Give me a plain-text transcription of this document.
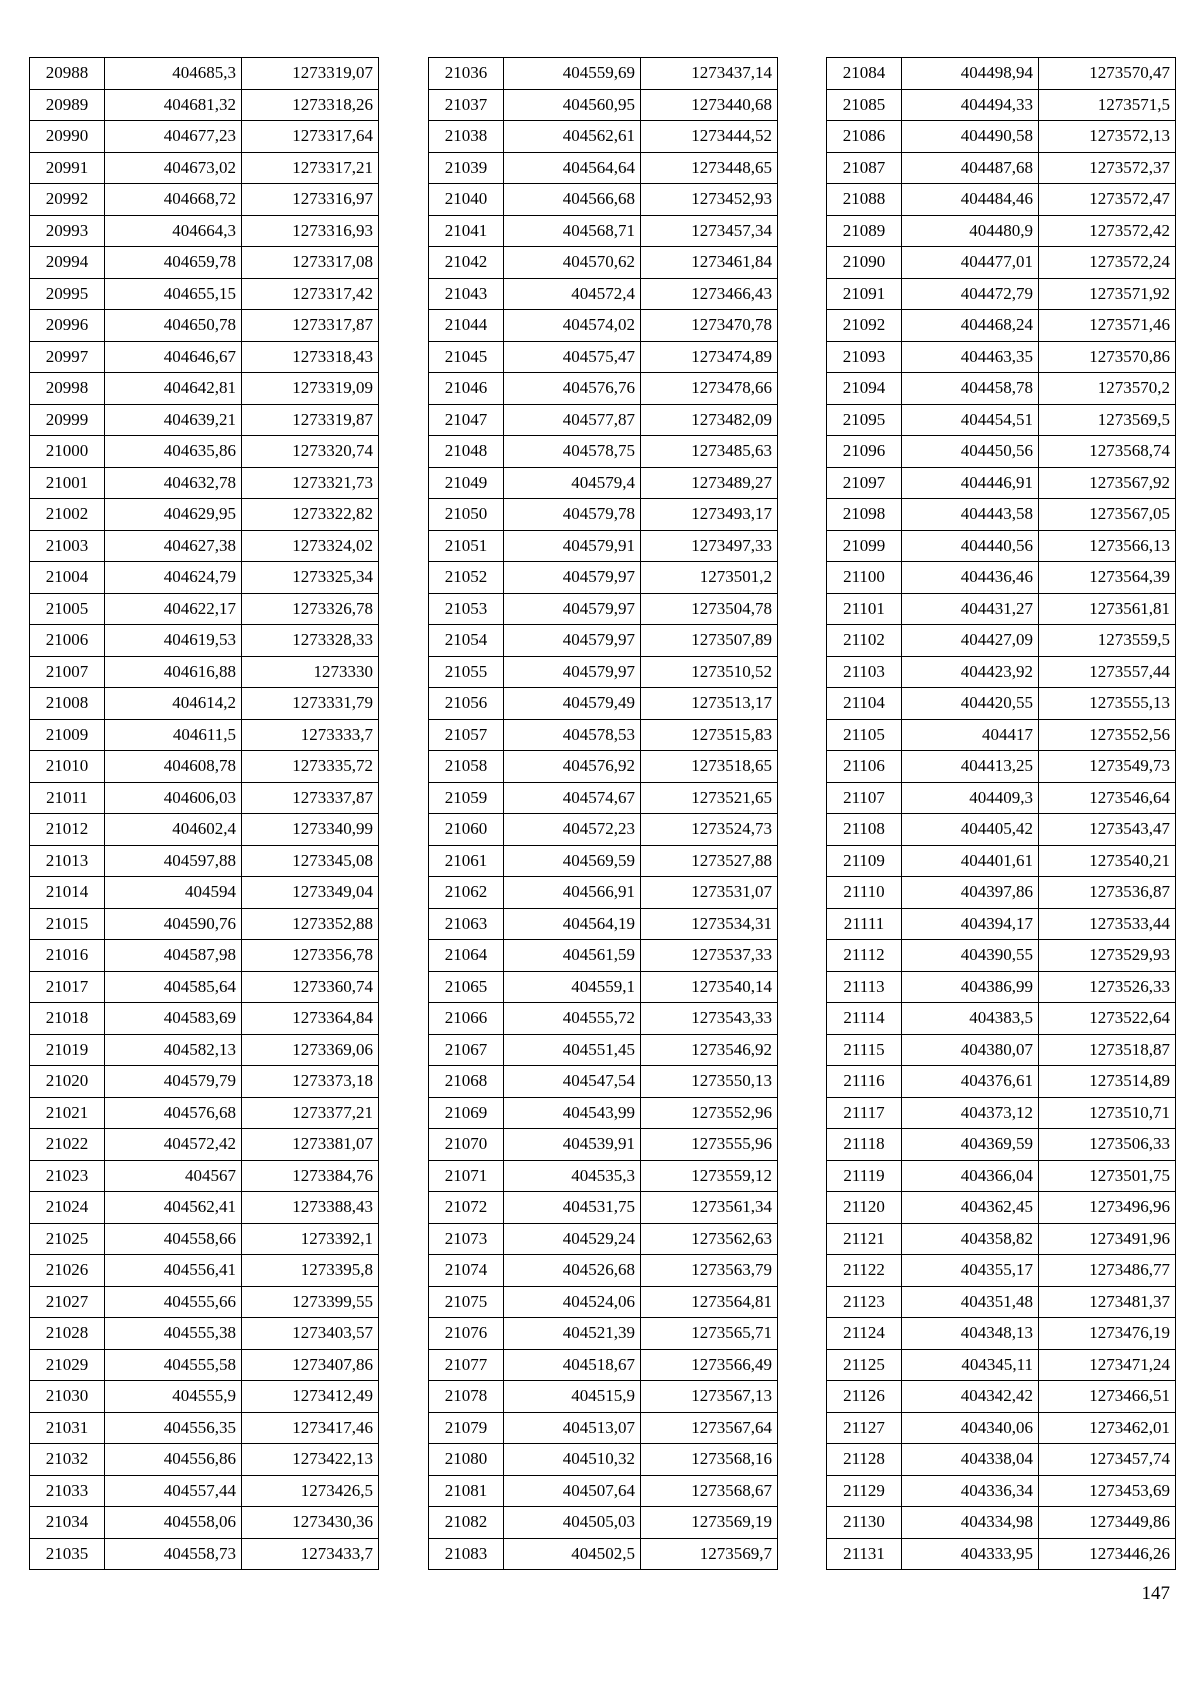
20988	404685,3	1273319,07
20989	404681,32	1273318,26
20990	404677,23	1273317,64
20991	404673,02	1273317,21
20992	404668,72	1273316,97
20993	404664,3	1273316,93
20994	404659,78	1273317,08
20995	404655,15	1273317,42
20996	404650,78	1273317,87
20997	404646,67	1273318,43
20998	404642,81	1273319,09
20999	404639,21	1273319,87
21000	404635,86	1273320,74
21001	404632,78	1273321,73
21002	404629,95	1273322,82
21003	404627,38	1273324,02
21004	404624,79	1273325,34
21005	404622,17	1273326,78
21006	404619,53	1273328,33
21007	404616,88	1273330
21008	404614,2	1273331,79
21009	404611,5	1273333,7
21010	404608,78	1273335,72
21011	404606,03	1273337,87
21012	404602,4	1273340,99
21013	404597,88	1273345,08
21014	404594	1273349,04
21015	404590,76	1273352,88
21016	404587,98	1273356,78
21017	404585,64	1273360,74
21018	404583,69	1273364,84
21019	404582,13	1273369,06
21020	404579,79	1273373,18
21021	404576,68	1273377,21
21022	404572,42	1273381,07
21023	404567	1273384,76
21024	404562,41	1273388,43
21025	404558,66	1273392,1
21026	404556,41	1273395,8
21027	404555,66	1273399,55
21028	404555,38	1273403,57
21029	404555,58	1273407,86
21030	404555,9	1273412,49
21031	404556,35	1273417,46
21032	404556,86	1273422,13
21033	404557,44	1273426,5
21034	404558,06	1273430,36
21035	404558,73	1273433,7
21036	404559,69	1273437,14
21037	404560,95	1273440,68
21038	404562,61	1273444,52
21039	404564,64	1273448,65
21040	404566,68	1273452,93
21041	404568,71	1273457,34
21042	404570,62	1273461,84
21043	404572,4	1273466,43
21044	404574,02	1273470,78
21045	404575,47	1273474,89
21046	404576,76	1273478,66
21047	404577,87	1273482,09
21048	404578,75	1273485,63
21049	404579,4	1273489,27
21050	404579,78	1273493,17
21051	404579,91	1273497,33
21052	404579,97	1273501,2
21053	404579,97	1273504,78
21054	404579,97	1273507,89
21055	404579,97	1273510,52
21056	404579,49	1273513,17
21057	404578,53	1273515,83
21058	404576,92	1273518,65
21059	404574,67	1273521,65
21060	404572,23	1273524,73
21061	404569,59	1273527,88
21062	404566,91	1273531,07
21063	404564,19	1273534,31
21064	404561,59	1273537,33
21065	404559,1	1273540,14
21066	404555,72	1273543,33
21067	404551,45	1273546,92
21068	404547,54	1273550,13
21069	404543,99	1273552,96
21070	404539,91	1273555,96
21071	404535,3	1273559,12
21072	404531,75	1273561,34
21073	404529,24	1273562,63
21074	404526,68	1273563,79
21075	404524,06	1273564,81
21076	404521,39	1273565,71
21077	404518,67	1273566,49
21078	404515,9	1273567,13
21079	404513,07	1273567,64
21080	404510,32	1273568,16
21081	404507,64	1273568,67
21082	404505,03	1273569,19
21083	404502,5	1273569,7
21084	404498,94	1273570,47
21085	404494,33	1273571,5
21086	404490,58	1273572,13
21087	404487,68	1273572,37
21088	404484,46	1273572,47
21089	404480,9	1273572,42
21090	404477,01	1273572,24
21091	404472,79	1273571,92
21092	404468,24	1273571,46
21093	404463,35	1273570,86
21094	404458,78	1273570,2
21095	404454,51	1273569,5
21096	404450,56	1273568,74
21097	404446,91	1273567,92
21098	404443,58	1273567,05
21099	404440,56	1273566,13
21100	404436,46	1273564,39
21101	404431,27	1273561,81
21102	404427,09	1273559,5
21103	404423,92	1273557,44
21104	404420,55	1273555,13
21105	404417	1273552,56
21106	404413,25	1273549,73
21107	404409,3	1273546,64
21108	404405,42	1273543,47
21109	404401,61	1273540,21
21110	404397,86	1273536,87
21111	404394,17	1273533,44
21112	404390,55	1273529,93
21113	404386,99	1273526,33
21114	404383,5	1273522,64
21115	404380,07	1273518,87
21116	404376,61	1273514,89
21117	404373,12	1273510,71
21118	404369,59	1273506,33
21119	404366,04	1273501,75
21120	404362,45	1273496,96
21121	404358,82	1273491,96
21122	404355,17	1273486,77
21123	404351,48	1273481,37
21124	404348,13	1273476,19
21125	404345,11	1273471,24
21126	404342,42	1273466,51
21127	404340,06	1273462,01
21128	404338,04	1273457,74
21129	404336,34	1273453,69
21130	404334,98	1273449,86
21131	404333,95	1273446,26
147
